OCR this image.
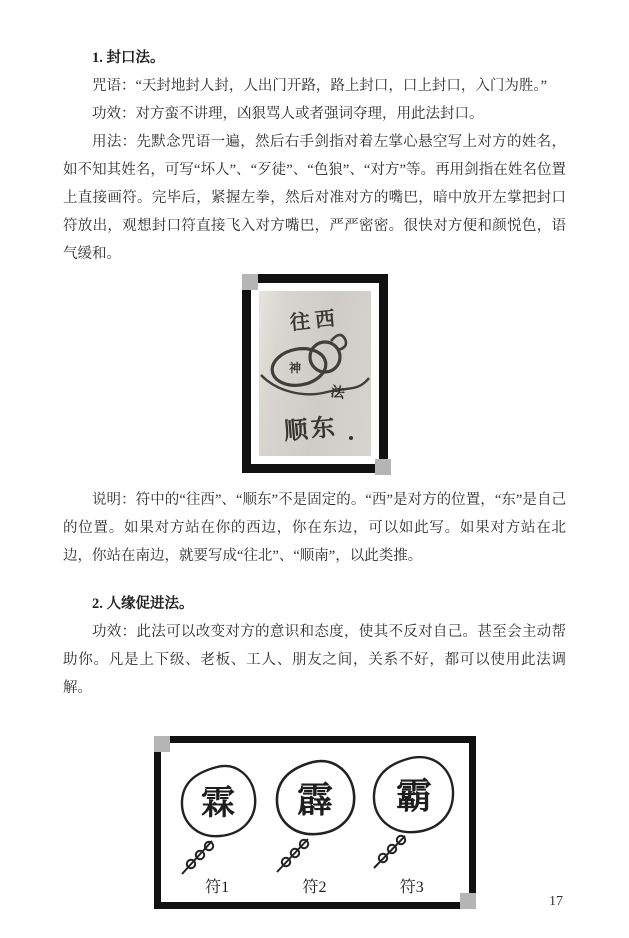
1. 封口法。

咒语：“天封地封人封，人出门开路，路上封口，口上封口，入门为胜。”

功效：对方蛮不讲理，凶狠骂人或者强词夺理，用此法封口。

用法：先默念咒语一遍，然后右手剑指对着左掌心悬空写上对方的姓名，如不知其姓名，可写“坏人”、“歹徒”、“色狼”、“对方”等。再用剑指在姓名位置上直接画符。完毕后，紧握左拳，然后对准对方的嘴巴，暗中放开左掌把封口符放出，观想封口符直接飞入对方嘴巴，严严密密。很快对方便和颜悦色，语气缓和。

往西
神
法
顺东

说明：符中的“往西”、“顺东”不是固定的。“西”是对方的位置，“东”是自己的位置。如果对方站在你的西边，你在东边，可以如此写。如果对方站在北边，你站在南边，就要写成“往北”、“顺南”，以此类推。

2. 人缘促进法。

功效：此法可以改变对方的意识和态度，使其不反对自己。甚至会主动帮助你。凡是上下级、老板、工人、朋友之间，关系不好，都可以使用此法调解。

霖
符1
霹
符2
霸
符3
17
